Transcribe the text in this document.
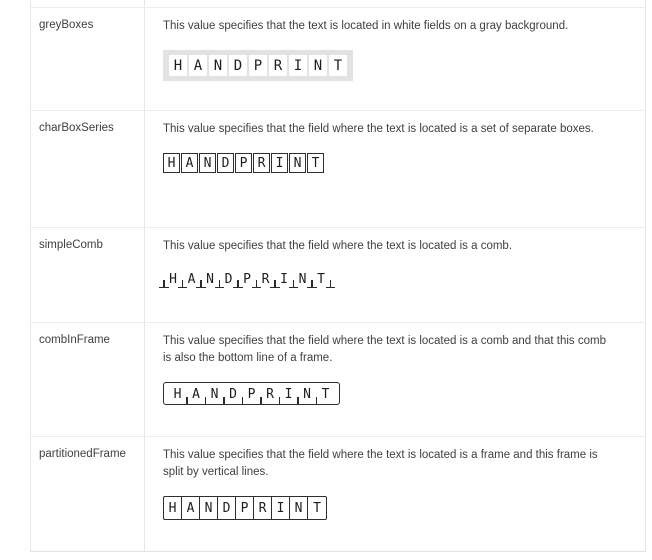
greyBoxes	This value specifies that the text is located in white fields on a gray background.

H A N D P R I N T
charBoxSeries	This value specifies that the field where the text is located is a set of separate boxes.

H A N D P R I N T
simpleComb	This value specifies that the field where the text is located is a comb.

H A N D P R I N T
combInFrame	This value specifies that the field where the text is located is a comb and that this comb is also the bottom line of a frame.

H A N D P R I N T
partitionedFrame	This value specifies that the field where the text is located is a frame and this frame is split by vertical lines.

H A N D P R I N T
